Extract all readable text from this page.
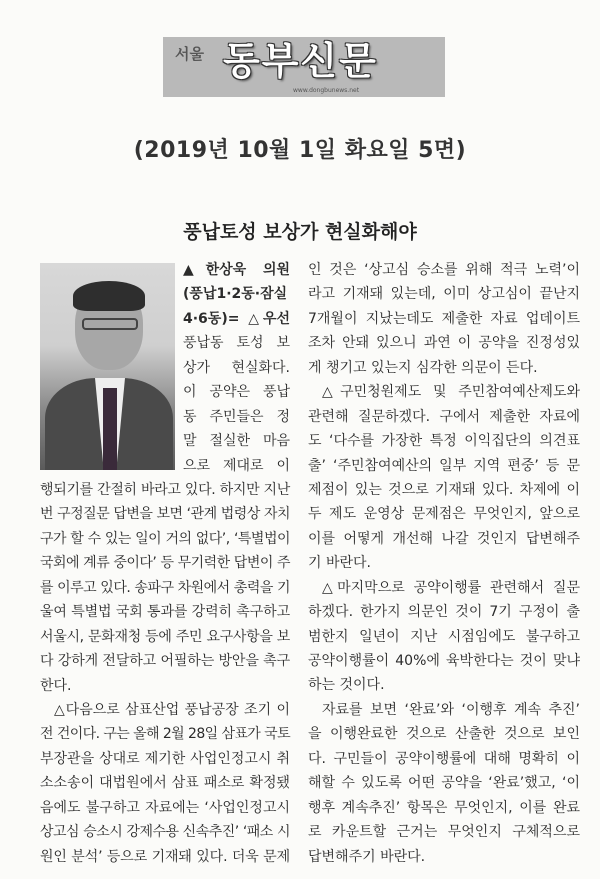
서울 동부신문
www.dongbunews.net
(2019년 10월 1일 화요일 5면)
풍납토성 보상가 현실화해야
▲한상욱 의원
(풍납1·2동·잠실
4·6동)= △우선
풍납동 토성 보
상가 현실화다.
이 공약은 풍납
동 주민들은 정
말 절실한 마음
으로 제대로 이
행되기를 간절히 바라고 있다. 하지만 지난
번 구정질문 답변을 보면 ‘관계 법령상 자치
구가 할 수 있는 일이 거의 없다’, ‘특별법이
국회에 계류 중이다’ 등 무기력한 답변이 주
를 이루고 있다. 송파구 차원에서 총력을 기
울여 특별법 국회 통과를 강력히 촉구하고
서울시, 문화재청 등에 주민 요구사항을 보
다 강하게 전달하고 어필하는 방안을 촉구
한다.
△다음으로 삼표산업 풍납공장 조기 이
전 건이다. 구는 올해 2월 28일 삼표가 국토
부장관을 상대로 제기한 사업인정고시 취
소소송이 대법원에서 삼표 패소로 확정됐
음에도 불구하고 자료에는 ‘사업인정고시
상고심 승소시 강제수용 신속추진’ ‘패소 시
원인 분석’ 등으로 기재돼 있다. 더욱 문제
인 것은 ‘상고심 승소를 위해 적극 노력’이
라고 기재돼 있는데, 이미 상고심이 끝난지
7개월이 지났는데도 제출한 자료 업데이트
조차 안돼 있으니 과연 이 공약을 진정성있
게 챙기고 있는지 심각한 의문이 든다.
△구민청원제도 및 주민참여예산제도와
관련해 질문하겠다. 구에서 제출한 자료에
도 ‘다수를 가장한 특정 이익집단의 의견표
출’ ‘주민참여예산의 일부 지역 편중’ 등 문
제점이 있는 것으로 기재돼 있다. 차제에 이
두 제도 운영상 문제점은 무엇인지, 앞으로
이를 어떻게 개선해 나갈 것인지 답변해주
기 바란다.
△마지막으로 공약이행률 관련해서 질문
하겠다. 한가지 의문인 것이 7기 구정이 출
범한지 일년이 지난 시점임에도 불구하고
공약이행률이 40%에 육박한다는 것이 맞냐
하는 것이다.
자료를 보면 ‘완료’와 ‘이행후 계속 추진’
을 이행완료한 것으로 산출한 것으로 보인
다. 구민들이 공약이행률에 대해 명확히 이
해할 수 있도록 어떤 공약을 ‘완료’했고, ‘이
행후 계속추진’ 항목은 무엇인지, 이를 완료
로 카운트할 근거는 무엇인지 구체적으로
답변해주기 바란다.
